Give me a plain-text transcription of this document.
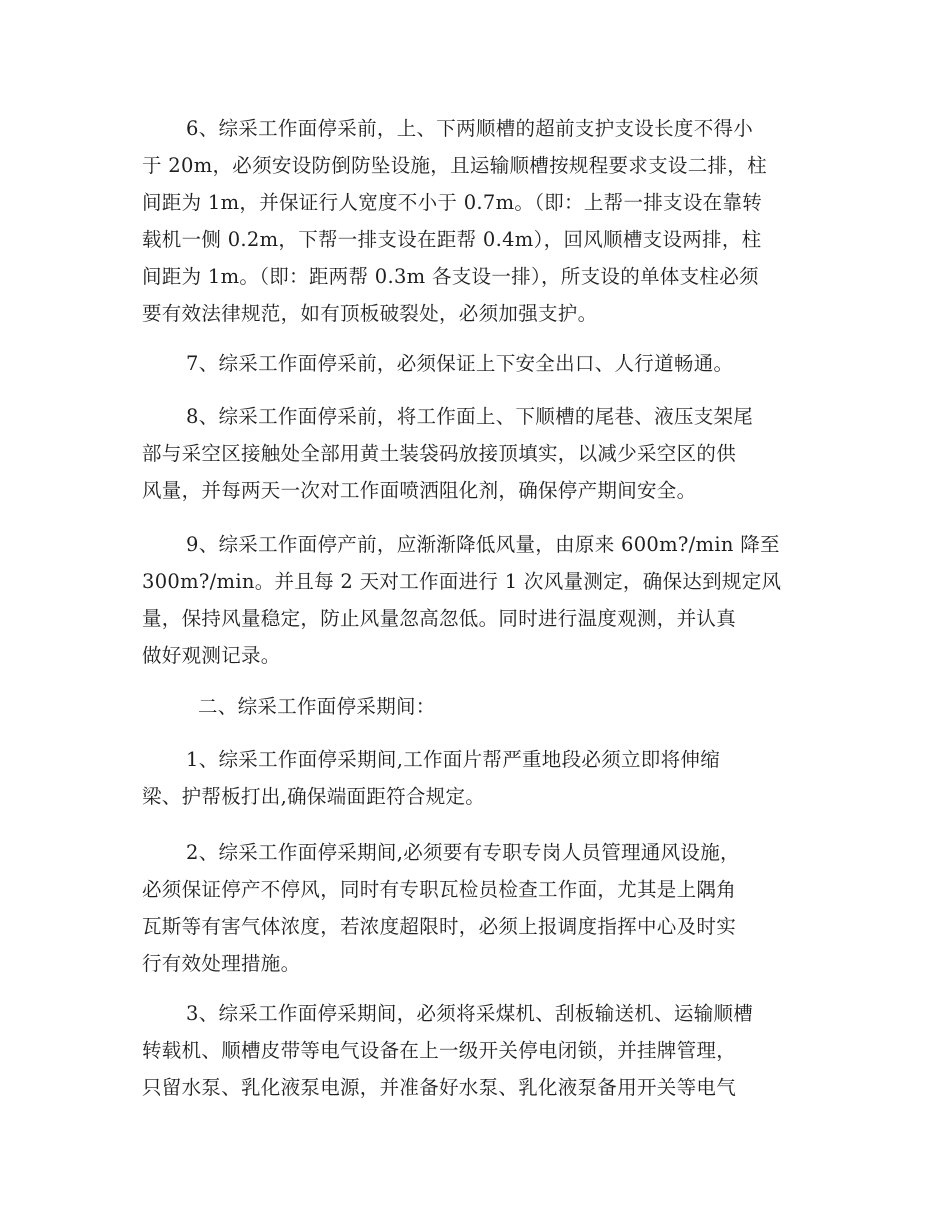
6、综采工作面停采前，上、下两顺槽的超前支护支设长度不得小
于 20m，必须安设防倒防坠设施，且运输顺槽按规程要求支设二排，柱
间距为 1m，并保证行人宽度不小于 0.7m。（即：上帮一排支设在靠转
载机一侧 0.2m，下帮一排支设在距帮 0.4m），回风顺槽支设两排，柱
间距为 1m。（即：距两帮 0.3m 各支设一排），所支设的单体支柱必须
要有效法律规范，如有顶板破裂处，必须加强支护。

7、综采工作面停采前，必须保证上下安全出口、人行道畅通。

8、综采工作面停采前，将工作面上、下顺槽的尾巷、液压支架尾
部与采空区接触处全部用黄土装袋码放接顶填实，以减少采空区的供
风量，并每两天一次对工作面喷洒阻化剂，确保停产期间安全。

9、综采工作面停产前，应渐渐降低风量，由原来 600m?/min 降至
300m?/min。并且每 2 天对工作面进行 1 次风量测定，确保达到规定风
量，保持风量稳定，防止风量忽高忽低。同时进行温度观测，并认真
做好观测记录。

二、综采工作面停采期间：

1、综采工作面停采期间,工作面片帮严重地段必须立即将伸缩
梁、护帮板打出,确保端面距符合规定。

2、综采工作面停采期间,必须要有专职专岗人员管理通风设施，
必须保证停产不停风，同时有专职瓦检员检查工作面，尤其是上隅角
瓦斯等有害气体浓度，若浓度超限时，必须上报调度指挥中心及时实
行有效处理措施。

3、综采工作面停采期间，必须将采煤机、刮板输送机、运输顺槽
转载机、顺槽皮带等电气设备在上一级开关停电闭锁，并挂牌管理，
只留水泵、乳化液泵电源，并准备好水泵、乳化液泵备用开关等电气
